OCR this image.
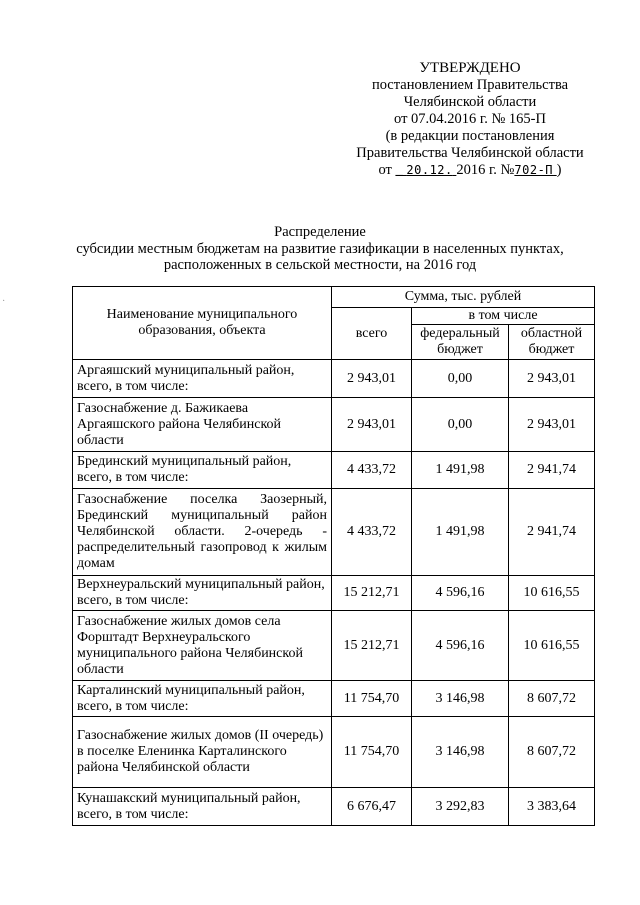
УТВЕРЖДЕНО
постановлением Правительства
Челябинской области
от 07.04.2016 г. № 165-П
(в редакции постановления
Правительства Челябинской области
от _ 20.12. 2016 г. №702-П )
Распределение
субсидии местным бюджетам на развитие газификации в населенных пунктах,
расположенных в сельской местности, на 2016 год
·
Наименование муниципального образования, объекта	Сумма, тыс. рублей		
	всего	в том числе	
		федеральный бюджет	областной бюджет
Аргаяшский муниципальный район, всего, в том числе:	2 943,01	0,00	2 943,01
Газоснабжение д. Бажикаева Аргаяшского района Челябинской области	2 943,01	0,00	2 943,01
Брединский муниципальный район, всего, в том числе:	4 433,72	1 491,98	2 941,74
Газоснабжение поселка Заозерный, Брединский муниципальный район Челябинской области. 2-очередь - распределительный газопровод к жилым домам	4 433,72	1 491,98	2 941,74
Верхнеуральский муниципальный район, всего, в том числе:	15 212,71	4 596,16	10 616,55
Газоснабжение жилых домов села Форштадт Верхнеуральского муниципального района Челябинской области	15 212,71	4 596,16	10 616,55
Карталинский муниципальный район, всего, в том числе:	11 754,70	3 146,98	8 607,72
Газоснабжение жилых домов (II очередь) в поселке Еленинка Карталинского района Челябинской области	11 754,70	3 146,98	8 607,72
Кунашакский муниципальный район, всего, в том числе:	6 676,47	3 292,83	3 383,64
